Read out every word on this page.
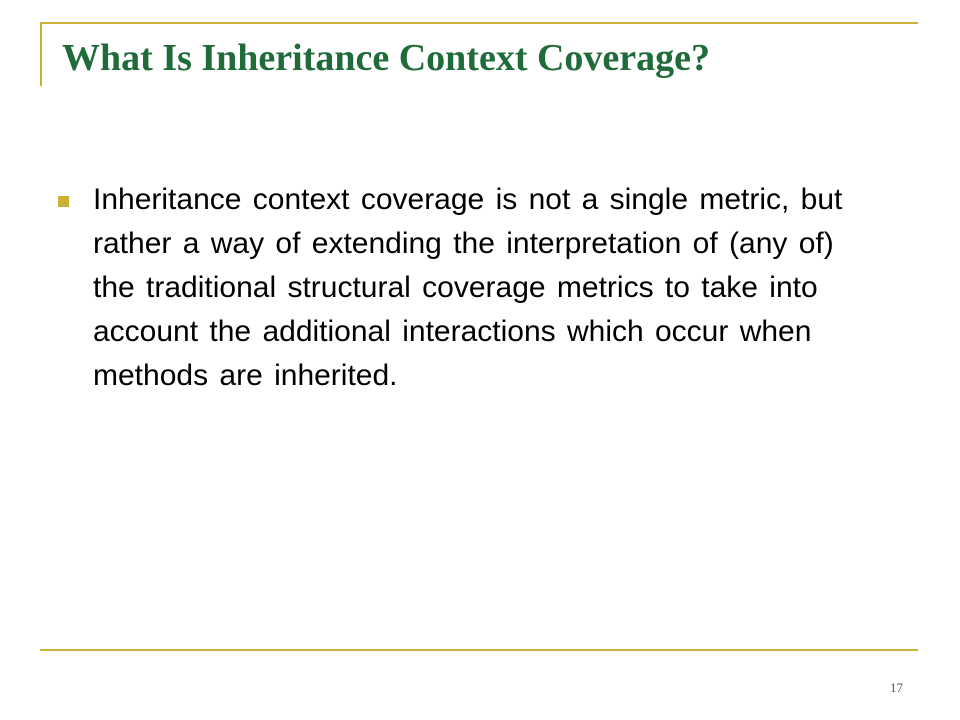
What Is Inheritance Context Coverage?
Inheritance context coverage is not a single metric, but rather a way of extending the interpretation of (any of) the traditional structural coverage metrics to take into account the additional interactions which occur when methods are inherited.
17
